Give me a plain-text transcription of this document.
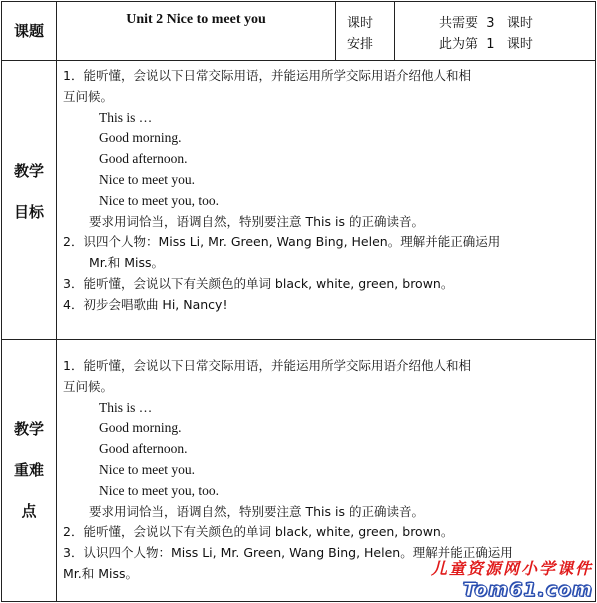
课题
Unit 2 Nice to meet you	课时
安排
共需要  3   课时
此为第  1   课时
教学
目标
1．能听懂，会说以下日常交际用语，并能运用所学交际用语介绍他人和相
互问候。
This is …
Good morning.
Good afternoon.
Nice to meet you.
Nice to meet you, too.
要求用词恰当，语调自然，特别要注意 This is 的正确读音。
2．识四个人物：Miss Li, Mr. Green, Wang Bing, Helen。理解并能正确运用
Mr.和 Miss。
3．能听懂，会说以下有关颜色的单词 black, white, green, brown。
4．初步会唱歌曲 Hi, Nancy!
教学
重难
点
1．能听懂，会说以下日常交际用语，并能运用所学交际用语介绍他人和相
互问候。
This is …
Good morning.
Good afternoon.
Nice to meet you.
Nice to meet you, too.
要求用词恰当，语调自然，特别要注意 This is 的正确读音。
2．能听懂，会说以下有关颜色的单词 black, white, green, brown。
3．认识四个人物：Miss Li, Mr. Green, Wang Bing, Helen。理解并能正确运用
Mr.和 Miss。	儿童资源网小学课件
Tom61.com
